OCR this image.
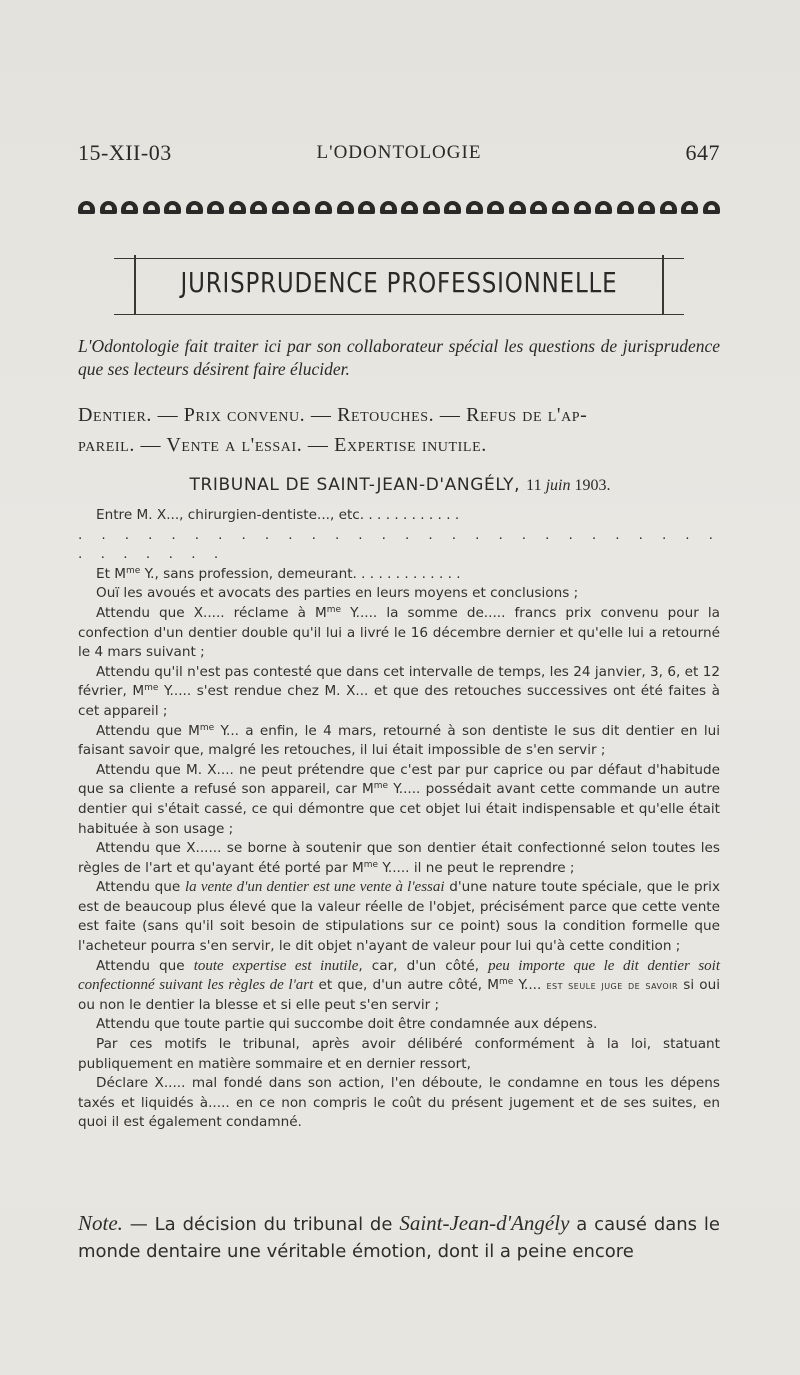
15-XII-03	L'ODONTOLOGIE	647
JURISPRUDENCE PROFESSIONNELLE
L'Odontologie fait traiter ici par son collaborateur spécial les questions de jurisprudence que ses lecteurs désirent faire élucider.
Dentier. — Prix convenu. — Retouches. — Refus de l'ap-
pareil. — Vente a l'essai. — Expertise inutile.
TRIBUNAL DE SAINT-JEAN-D'ANGÉLY, 11 juin 1903.

Entre M. X..., chirurgien-dentiste..., etc. . . . . . . . . . . .

. . . . . . . . . . . . . . . . . . . . . . . . . . . . . . . . . . .

Et $M^{me}$ Y., sans profession, demeurant. . . . . . . . . . . . .

Ouï les avoués et avocats des parties en leurs moyens et conclusions ;

Attendu que X..... réclame à $M^{me}$ Y..... la somme de..... francs prix convenu pour la confection d'un dentier double qu'il lui a livré le 16 décembre dernier et qu'elle lui a retourné le 4 mars suivant ;

Attendu qu'il n'est pas contesté que dans cet intervalle de temps, les 24 janvier, 3, 6, et 12 février, $M^{me}$ Y..... s'est rendue chez M. X... et que des retouches successives ont été faites à cet appareil ;

Attendu que $M^{me}$ Y... a enfin, le 4 mars, retourné à son dentiste le sus dit dentier en lui faisant savoir que, malgré les retouches, il lui était impossible de s'en servir ;

Attendu que M. X.... ne peut prétendre que c'est par pur caprice ou par défaut d'habitude que sa cliente a refusé son appareil, car $M^{me}$ Y..... possédait avant cette commande un autre dentier qui s'était cassé, ce qui démontre que cet objet lui était indispensable et qu'elle était habituée à son usage ;

Attendu que X...... se borne à soutenir que son dentier était confectionné selon toutes les règles de l'art et qu'ayant été porté par $M^{me}$ Y..... il ne peut le reprendre ;

Attendu que la vente d'un dentier est une vente à l'essai d'une nature toute spéciale, que le prix est de beaucoup plus élevé que la valeur réelle de l'objet, précisément parce que cette vente est faite (sans qu'il soit besoin de stipulations sur ce point) sous la condition formelle que l'acheteur pourra s'en servir, le dit objet n'ayant de valeur pour lui qu'à cette condition ;

Attendu que toute expertise est inutile, car, d'un côté, peu importe que le dit dentier soit confectionné suivant les règles de l'art et que, d'un autre côté, $M^{me}$ Y.... est seule juge de savoir si oui ou non le dentier la blesse et si elle peut s'en servir ;

Attendu que toute partie qui succombe doit être condamnée aux dépens.

Par ces motifs le tribunal, après avoir délibéré conformément à la loi, statuant publiquement en matière sommaire et en dernier ressort,

Déclare X..... mal fondé dans son action, l'en déboute, le condamne en tous les dépens taxés et liquidés à..... en ce non compris le coût du présent jugement et de ses suites, en quoi il est également condamné.

Note. — La décision du tribunal de Saint-Jean-d'Angély a causé dans le monde dentaire une véritable émotion, dont il a peine encore
